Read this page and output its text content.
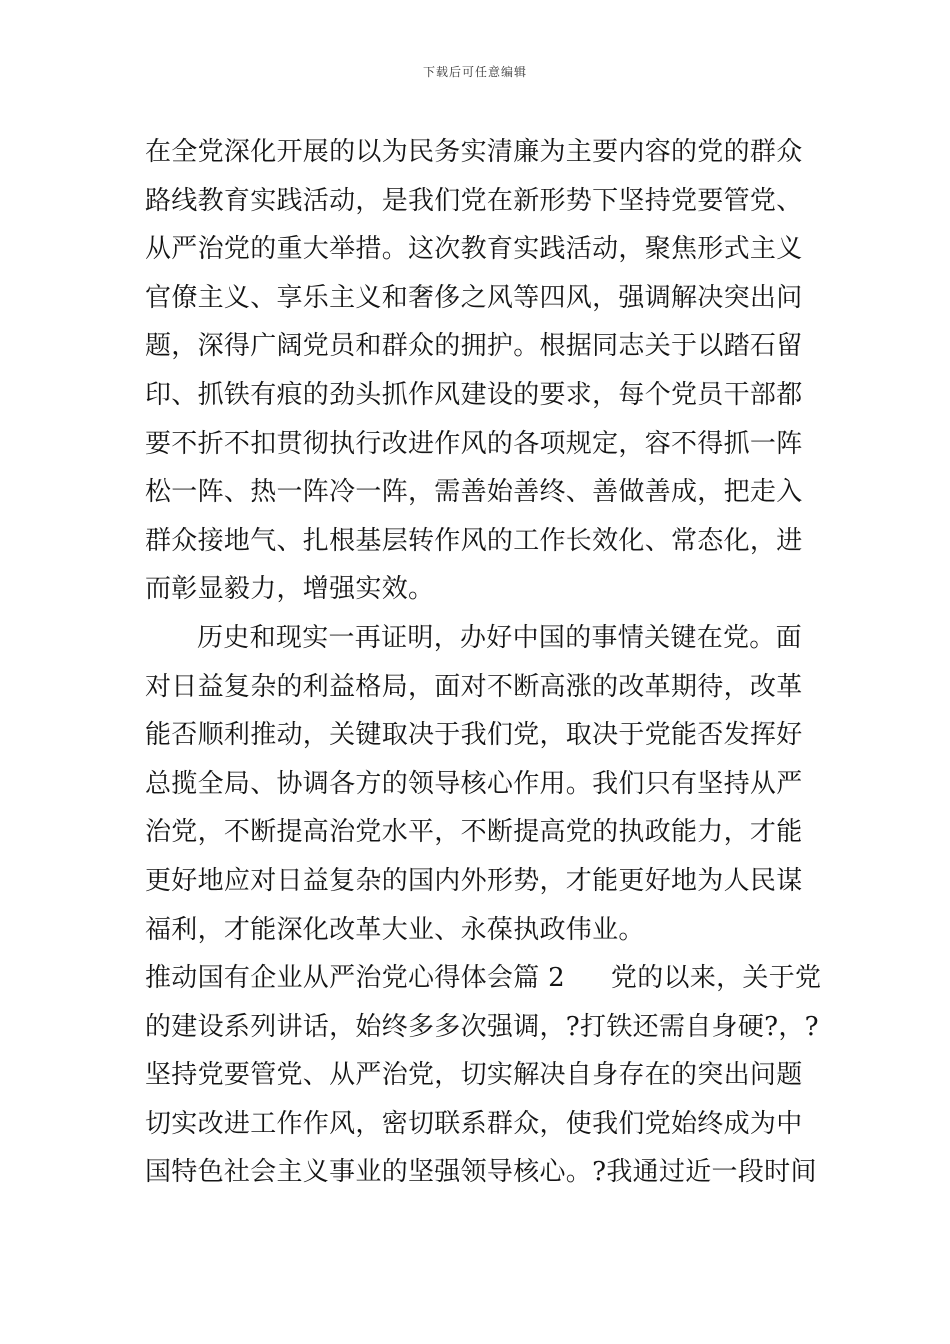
下载后可任意编辑
在全党深化开展的以为民务实清廉为主要内容的党的群众
路线教育实践活动，是我们党在新形势下坚持党要管党、
从严治党的重大举措。这次教育实践活动，聚焦形式主义
官僚主义、享乐主义和奢侈之风等四风，强调解决突出问
题，深得广阔党员和群众的拥护。根据同志关于以踏石留
印、抓铁有痕的劲头抓作风建设的要求，每个党员干部都
要不折不扣贯彻执行改进作风的各项规定，容不得抓一阵
松一阵、热一阵冷一阵，需善始善终、善做善成，把走入
群众接地气、扎根基层转作风的工作长效化、常态化，进
而彰显毅力，增强实效。
历史和现实一再证明，办好中国的事情关键在党。面
对日益复杂的利益格局，面对不断高涨的改革期待，改革
能否顺利推动，关键取决于我们党，取决于党能否发挥好
总揽全局、协调各方的领导核心作用。我们只有坚持从严
治党，不断提高治党水平，不断提高党的执政能力，才能
更好地应对日益复杂的国内外形势，才能更好地为人民谋
福利，才能深化改革大业、永葆执政伟业。
推动国有企业从严治党心得体会篇 2 党的以来，关于党
的建设系列讲话，始终多多次强调，?打铁还需自身硬?，?
坚持党要管党、从严治党，切实解决自身存在的突出问题
切实改进工作作风，密切联系群众，使我们党始终成为中
国特色社会主义事业的坚强领导核心。?我通过近一段时间
